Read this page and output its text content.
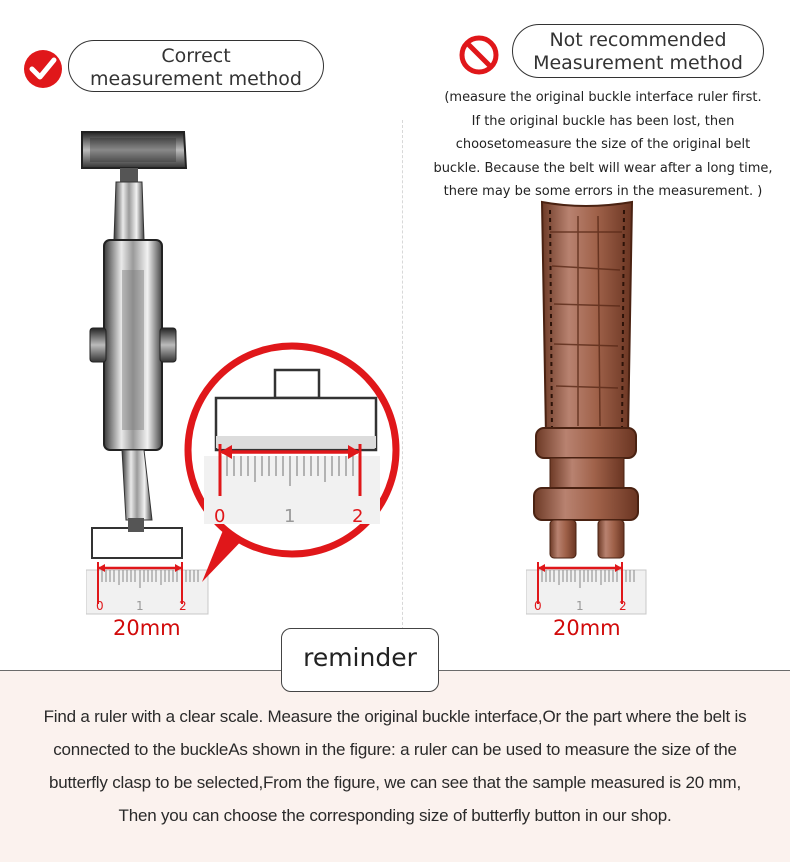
Correct
measurement method
Not recommended
Measurement method
(measure the original buckle interface ruler first.
If the original buckle has been lost, then
choosetomeasure the size of the original belt
buckle. Because the belt will wear after a long time,
there may be some errors in the measurement. )
0	1	2
20mm
0	1	2
0	1	2
20mm
reminder
Find a ruler with a clear scale. Measure the original buckle interface,Or the part where the belt is
connected to the buckleAs shown in the figure: a ruler can be used to measure the size of the
butterfly clasp to be selected,From the figure, we can see that the sample measured is 20 mm,
Then you can choose the corresponding size of butterfly button in our shop.
